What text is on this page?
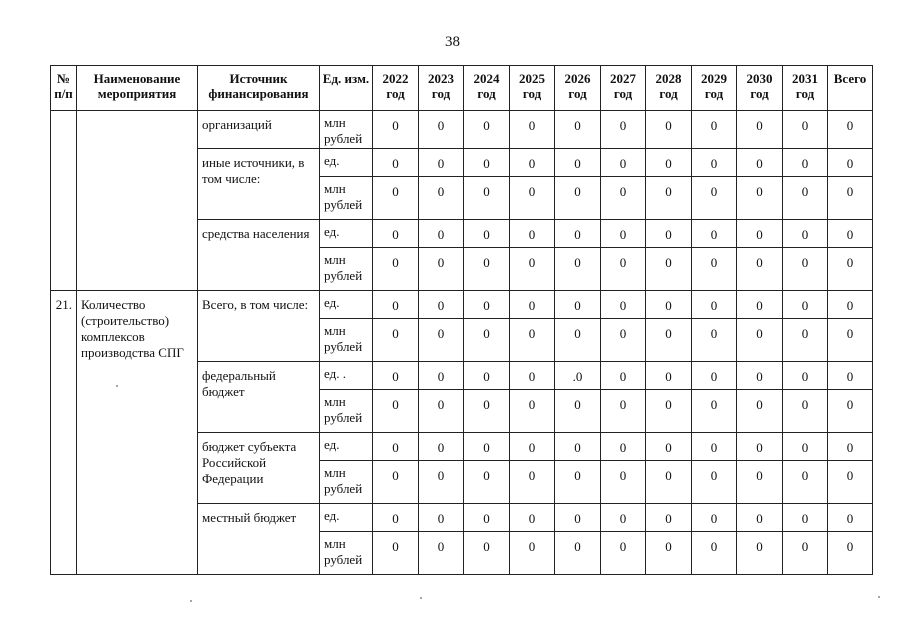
38
№ п/п	Наименование мероприятия	Источник финансирования	Ед. изм.	2022 год	2023 год	2024 год	2025 год	2026 год	2027 год	2028 год	2029 год	2030 год	2031 год	Всего
		организаций	млн рублей	0	0	0	0	0	0	0	0	0	0	0
		иные источники, в том числе:	ед.	0	0	0	0	0	0	0	0	0	0	0
			млн рублей	0	0	0	0	0	0	0	0	0	0	0
		средства населения	ед.	0	0	0	0	0	0	0	0	0	0	0
			млн рублей	0	0	0	0	0	0	0	0	0	0	0
21.	Количество (строительство) комплексов производства СПГ	Всего, в том числе:	ед.	0	0	0	0	0	0	0	0	0	0	0
			млн рублей	0	0	0	0	0	0	0	0	0	0	0
		федеральный бюджет	ед. .	0	0	0	0	.0	0	0	0	0	0	0
			млн рублей	0	0	0	0	0	0	0	0	0	0	0
		бюджет субъекта Российской Федерации	ед.	0	0	0	0	0	0	0	0	0	0	0
			млн рублей	0	0	0	0	0	0	0	0	0	0	0
		местный бюджет	ед.	0	0	0	0	0	0	0	0	0	0	0
			млн рублей	0	0	0	0	0	0	0	0	0	0	0
